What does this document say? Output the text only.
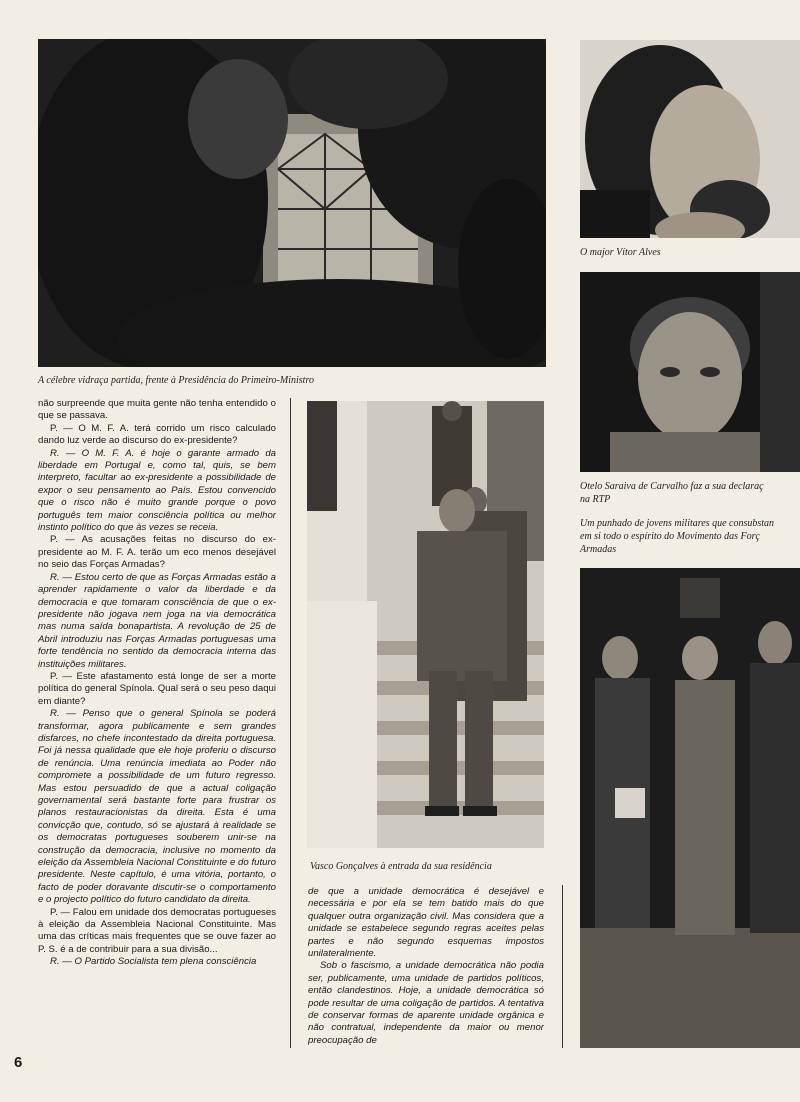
A célebre vidraça partida, frente à Presidência do Primeiro-Ministro
O major Vítor Alves
Otelo Saraiva de Carvalho faz a sua declaraç
na RTP
Um punhado de jovens militares que consubstan
em si todo o espírito do Movimento das Forç
Armadas
Vasco Gonçalves à entrada da sua residência

não surpreende que muita gente não tenha entendido o que se passava.

P. — O M. F. A. terá corrido um risco calculado dando luz verde ao discurso do ex-presidente?

R. — O M. F. A. é hoje o garante armado da liberdade em Portugal e, como tal, quis, se bem interpreto, facultar ao ex-presidente a possibilidade de expor o seu pensamento ao País. Estou convencido que o risco não é muito grande porque o povo português tem maior consciência política ou melhor instinto político do que às vezes se receia.

P. — As acusações feitas no discurso do ex-presidente ao M. F. A. terão um eco menos desejável no seio das Forças Armadas?

R. — Estou certo de que as Forças Armadas estão a aprender rapidamente o valor da liberdade e da democracia e que tomaram consciência de que o ex-presidente não jogava nem joga na via democrática mas numa saída bonapartista. A revolução de 25 de Abril introduziu nas Forças Armadas portuguesas uma forte tendência no sentido da democracia interna das instituições militares.

P. — Este afastamento está longe de ser a morte política do general Spínola. Qual será o seu peso daqui em diante?

R. — Penso que o general Spínola se poderá transformar, agora publicamente e sem grandes disfarces, no chefe incontestado da direita portuguesa. Foi já nessa qualidade que ele hoje proferiu o discurso de renúncia. Uma renúncia imediata ao Poder não compromete a possibilidade de um futuro regresso. Mas estou persuadido de que a actual coligação governamental será bastante forte para frustrar os planos restauracionistas da direita. Esta é uma convicção que, contudo, só se ajustará à realidade se os democratas portugueses souberem unir-se na construção da democracia, inclusive no momento da eleição da Assembleia Nacional Constituinte e do futuro presidente. Neste capítulo, é uma vitória, portanto, o facto de poder doravante discutir-se o comportamento e o projecto político do futuro candidato da direita.

P. — Falou em unidade dos democratas portugueses à eleição da Assembleia Nacional Constituinte. Mas uma das críticas mais frequentes que se ouve fazer ao P. S. é a de contribuir para a sua divisão...

R. — O Partido Socialista tem plena consciência

de que a unidade democrática é desejável e necessária e por ela se tem batido mais do que qualquer outra organização civil. Mas considera que a unidade se estabelece segundo regras aceites pelas partes e não segundo esquemas impostos unilateralmente.

Sob o fascismo, a unidade democrática não podia ser, publicamente, uma unidade de partidos políticos, então clandestinos. Hoje, a unidade democrática só pode resultar de uma coligação de partidos. A tentativa de conservar formas de aparente unidade orgânica e não contratual, independente da maior ou menor preocupação de

6
